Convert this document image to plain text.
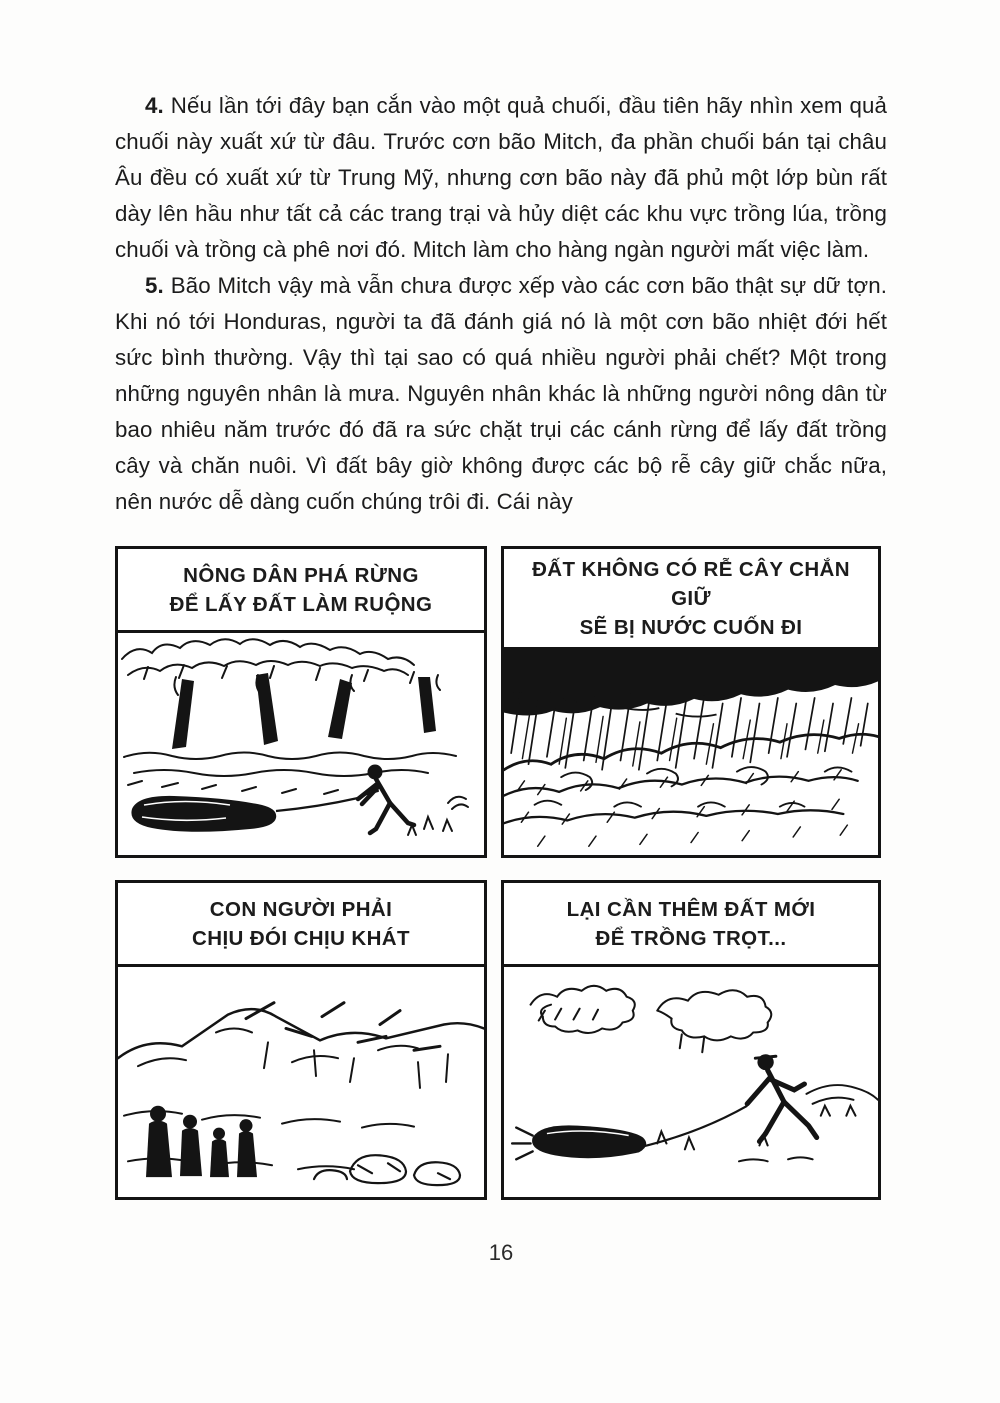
4. Nếu lần tới đây bạn cắn vào một quả chuối, đầu tiên hãy nhìn xem quả chuối này xuất xứ từ đâu. Trước cơn bão Mitch, đa phần chuối bán tại châu Âu đều có xuất xứ từ Trung Mỹ, nhưng cơn bão này đã phủ một lớp bùn rất dày lên hầu như tất cả các trang trại và hủy diệt các khu vực trồng lúa, trồng chuối và trồng cà phê nơi đó. Mitch làm cho hàng ngàn người mất việc làm.

5. Bão Mitch vậy mà vẫn chưa được xếp vào các cơn bão thật sự dữ tợn. Khi nó tới Honduras, người ta đã đánh giá nó là một cơn bão nhiệt đới hết sức bình thường. Vậy thì tại sao có quá nhiều người phải chết? Một trong những nguyên nhân là mưa. Nguyên nhân khác là những người nông dân từ bao nhiêu năm trước đó đã ra sức chặt trụi các cánh rừng để lấy đất trồng cây và chăn nuôi. Vì đất bây giờ không được các bộ rễ cây giữ chắc nữa, nên nước dễ dàng cuốn chúng trôi đi. Cái này

NÔNG DÂN PHÁ RỪNG
ĐỂ LẤY ĐẤT LÀM RUỘNG
ĐẤT KHÔNG CÓ RỄ CÂY CHẮN GIỮ
SẼ BỊ NƯỚC CUỐN ĐI
CON NGƯỜI PHẢI
CHỊU ĐÓI CHỊU KHÁT
LẠI CẦN THÊM ĐẤT MỚI
ĐỂ TRỒNG TRỌT...
16
